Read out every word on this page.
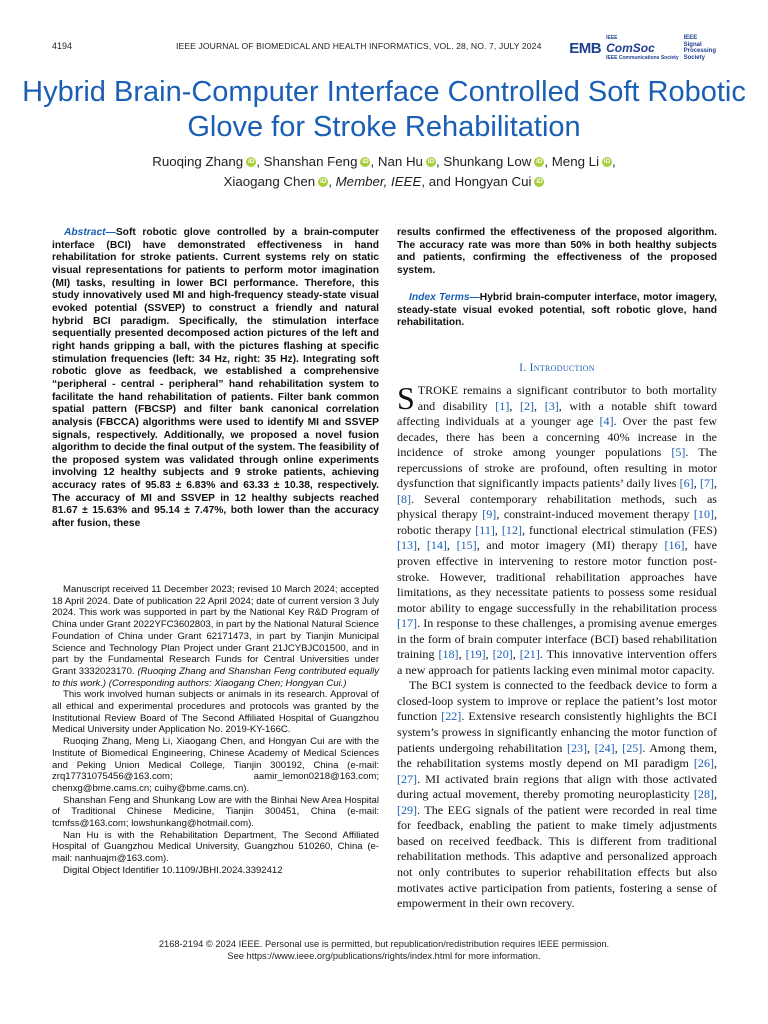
4194	IEEE JOURNAL OF BIOMEDICAL AND HEALTH INFORMATICS, VOL. 28, NO. 7, JULY 2024 EMB
IEEE
ComSoc
IEEE Communications Society
IEEE
Signal
Processing
Society
Hybrid Brain-Computer Interface Controlled Soft Robotic Glove for Stroke Rehabilitation
Ruoqing Zhang iD , Shanshan Feng iD , Nan Hu iD , Shunkang Low iD , Meng Li iD ,
Xiaogang Chen iD , Member, IEEE, and Hongyan Cui iD

Abstract—Soft robotic glove controlled by a brain-computer interface (BCI) have demonstrated effectiveness in hand rehabilitation for stroke patients. Current systems rely on static visual representations for patients to perform motor imagination (MI) tasks, resulting in lower BCI performance. Therefore, this study innovatively used MI and high-frequency steady-state visual evoked potential (SSVEP) to construct a friendly and natural hybrid BCI paradigm. Specifically, the stimulation interface sequentially presented decomposed action pictures of the left and right hands gripping a ball, with the pictures flashing at specific stimulation frequencies (left: 34 Hz, right: 35 Hz). Integrating soft robotic glove as feedback, we established a comprehensive “peripheral - central - peripheral” hand rehabilitation system to facilitate the hand rehabilitation of patients. Filter bank common spatial pattern (FBCSP) and filter bank canonical correlation analysis (FBCCA) algorithms were used to identify MI and SSVEP signals, respectively. Additionally, we proposed a novel fusion algorithm to decide the final output of the system. The feasibility of the proposed system was validated through online experiments involving 12 healthy subjects and 9 stroke patients, achieving accuracy rates of 95.83 ± 6.83% and 63.33 ± 10.38, respectively. The accuracy of MI and SSVEP in 12 healthy subjects reached 81.67 ± 15.63% and 95.14 ± 7.47%, both lower than the accuracy after fusion, these

results confirmed the effectiveness of the proposed algorithm. The accuracy rate was more than 50% in both healthy subjects and patients, confirming the effectiveness of the proposed system.
Index Terms—Hybrid brain-computer interface, motor imagery, steady-state visual evoked potential, soft robotic glove, hand rehabilitation.

Manuscript received 11 December 2023; revised 10 March 2024; accepted 18 April 2024. Date of publication 22 April 2024; date of current version 3 July 2024. This work was supported in part by the National Key R&D Program of China under Grant 2022YFC3602803, in part by the National Natural Science Foundation of China under Grant 62171473, in part by Tianjin Municipal Science and Technology Plan Project under Grant 21JCYBJC01500, and in part by the Fundamental Research Funds for Central Universities under Grant 3332023170. (Ruoqing Zhang and Shanshan Feng contributed equally to this work.) (Corresponding authors: Xiaogang Chen; Hongyan Cui.)

This work involved human subjects or animals in its research. Approval of all ethical and experimental procedures and protocols was granted by the Institutional Review Board of The Second Affiliated Hospital of Guangzhou Medical University under Application No. 2019-KY-166C.

Ruoqing Zhang, Meng Li, Xiaogang Chen, and Hongyan Cui are with the Institute of Biomedical Engineering, Chinese Academy of Medical Sciences and Peking Union Medical College, Tianjin 300192, China (e-mail: zrq17731075456@163.com; aamir_lemon0218@163.com; chenxg@bme.cams.cn; cuihy@bme.cams.cn).

Shanshan Feng and Shunkang Low are with the Binhai New Area Hospital of Traditional Chinese Medicine, Tianjin 300451, China (e-mail: tcmfss@163.com; lowshunkang@hotmail.com).

Nan Hu is with the Rehabilitation Department, The Second Affiliated Hospital of Guangzhou Medical University, Guangzhou 510260, China (e-mail: nanhuajm@163.com).

Digital Object Identifier 10.1109/JBHI.2024.3392412

I. Introduction

STROKE remains a significant contributor to both mortality and disability [1], [2], [3], with a notable shift toward affecting individuals at a younger age [4]. Over the past few decades, there has been a concerning 40% increase in the incidence of stroke among younger populations [5]. The repercussions of stroke are profound, often resulting in motor dysfunction that significantly impacts patients’ daily lives [6], [7], [8]. Several contemporary rehabilitation methods, such as physical therapy [9], constraint-induced movement therapy [10], robotic therapy [11], [12], functional electrical stimulation (FES) [13], [14], [15], and motor imagery (MI) therapy [16], have proven effective in intervening to restore motor function post-stroke. However, traditional rehabilitation approaches have limitations, as they necessitate patients to possess some residual motor ability to engage successfully in the rehabilitation process [17]. In response to these challenges, a promising avenue emerges in the form of brain computer interface (BCI) based rehabilitation training [18], [19], [20], [21]. This innovative intervention offers a new approach for patients lacking even minimal motor capacity.

The BCI system is connected to the feedback device to form a closed-loop system to improve or replace the patient’s lost motor function [22]. Extensive research consistently highlights the BCI system’s prowess in significantly enhancing the motor function of patients undergoing rehabilitation [23], [24], [25]. Among them, the rehabilitation systems mostly depend on MI paradigm [26], [27]. MI activated brain regions that align with those activated during actual movement, thereby promoting neuroplasticity [28], [29]. The EEG signals of the patient were recorded in real time for feedback, enabling the patient to make timely adjustments based on received feedback. This is different from traditional rehabilitation methods. This adaptive and personalized approach not only contributes to superior rehabilitation effects but also motivates active participation from patients, fostering a sense of empowerment in their own recovery.

2168-2194 © 2024 IEEE. Personal use is permitted, but republication/redistribution requires IEEE permission.
See https://www.ieee.org/publications/rights/index.html for more information.
